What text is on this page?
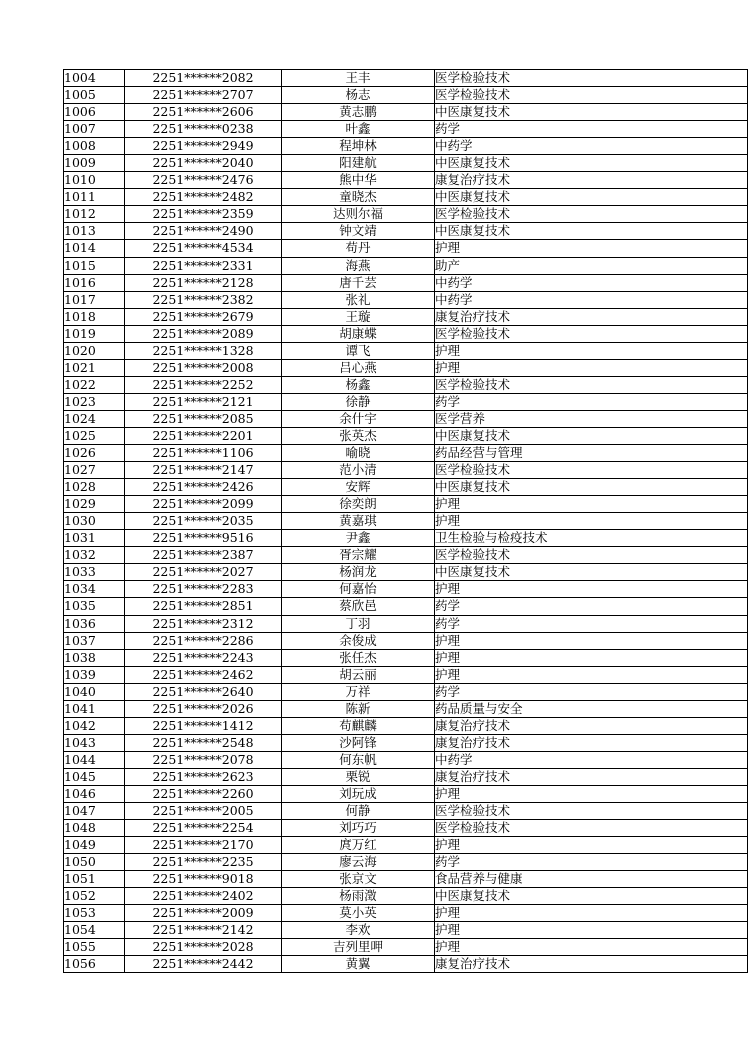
1004	2251******2082	王丰	医学检验技术
1005	2251******2707	杨志	医学检验技术
1006	2251******2606	黄志鹏	中医康复技术
1007	2251******0238	叶鑫	药学
1008	2251******2949	程坤林	中药学
1009	2251******2040	阳建航	中医康复技术
1010	2251******2476	熊中华	康复治疗技术
1011	2251******2482	童晓杰	中医康复技术
1012	2251******2359	达则尔福	医学检验技术
1013	2251******2490	钟文靖	中医康复技术
1014	2251******4534	苟丹	护理
1015	2251******2331	海燕	助产
1016	2251******2128	唐千芸	中药学
1017	2251******2382	张礼	中药学
1018	2251******2679	王璇	康复治疗技术
1019	2251******2089	胡康蝶	医学检验技术
1020	2251******1328	谭飞	护理
1021	2251******2008	吕心燕	护理
1022	2251******2252	杨鑫	医学检验技术
1023	2251******2121	徐静	药学
1024	2251******2085	余什宇	医学营养
1025	2251******2201	张英杰	中医康复技术
1026	2251******1106	喻晓	药品经营与管理
1027	2251******2147	范小清	医学检验技术
1028	2251******2426	安辉	中医康复技术
1029	2251******2099	徐奕朗	护理
1030	2251******2035	黄嘉琪	护理
1031	2251******9516	尹鑫	卫生检验与检疫技术
1032	2251******2387	胥宗耀	医学检验技术
1033	2251******2027	杨润龙	中医康复技术
1034	2251******2283	何嘉怡	护理
1035	2251******2851	蔡欣邑	药学
1036	2251******2312	丁羽	药学
1037	2251******2286	余俊成	护理
1038	2251******2243	张任杰	护理
1039	2251******2462	胡云丽	护理
1040	2251******2640	万祥	药学
1041	2251******2026	陈新	药品质量与安全
1042	2251******1412	苟麒麟	康复治疗技术
1043	2251******2548	沙阿锋	康复治疗技术
1044	2251******2078	何东帆	中药学
1045	2251******2623	栗锐	康复治疗技术
1046	2251******2260	刘玩成	护理
1047	2251******2005	何静	医学检验技术
1048	2251******2254	刘巧巧	医学检验技术
1049	2251******2170	庹万红	护理
1050	2251******2235	廖云海	药学
1051	2251******9018	张京文	食品营养与健康
1052	2251******2402	杨雨澂	中医康复技术
1053	2251******2009	莫小英	护理
1054	2251******2142	李欢	护理
1055	2251******2028	吉列里呷	护理
1056	2251******2442	黄翼	康复治疗技术
